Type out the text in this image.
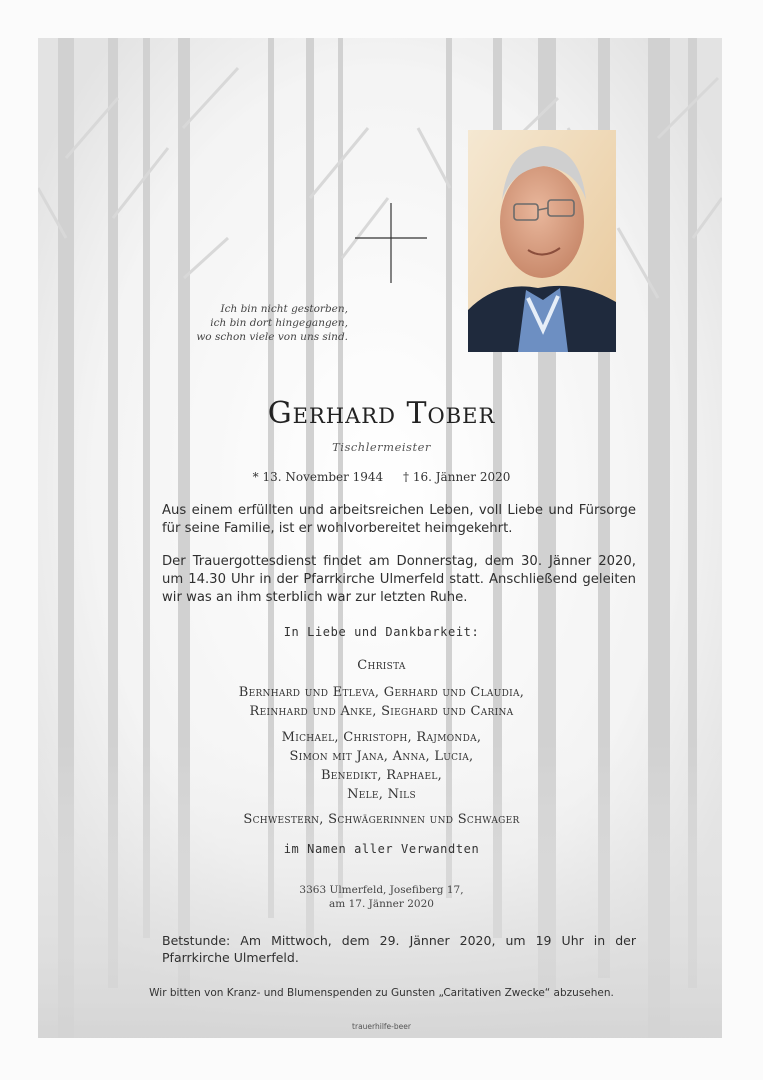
Ich bin nicht gestorben,
ich bin dort hingegangen,
wo schon viele von uns sind.
Gerhard Tober
Tischlermeister
* 13. November 1944 † 16. Jänner 2020
Aus einem erfüllten und arbeitsreichen Leben, voll Liebe und Fürsorge für seine Familie, ist er wohlvorbereitet heimgekehrt.
Der Trauergottesdienst findet am Donnerstag, dem 30. Jänner 2020, um 14.30 Uhr in der Pfarrkirche Ulmerfeld statt. Anschließend geleiten wir was an ihm sterblich war zur letzten Ruhe.
In Liebe und Dankbarkeit:
Christa
Bernhard und Etleva, Gerhard und Claudia,
Reinhard und Anke, Sieghard und Carina
Michael, Christoph, Rajmonda,
Simon mit Jana, Anna, Lucia,
Benedikt, Raphael,
Nele, Nils
Schwestern, Schwägerinnen und Schwager
im Namen aller Verwandten
3363 Ulmerfeld, Josefiberg 17,
am 17. Jänner 2020
Betstunde: Am Mittwoch, dem 29. Jänner 2020, um 19 Uhr in der Pfarrkirche Ulmerfeld.
Wir bitten von Kranz- und Blumenspenden zu Gunsten „Caritativen Zwecke“ abzusehen.
trauerhilfe-beer
